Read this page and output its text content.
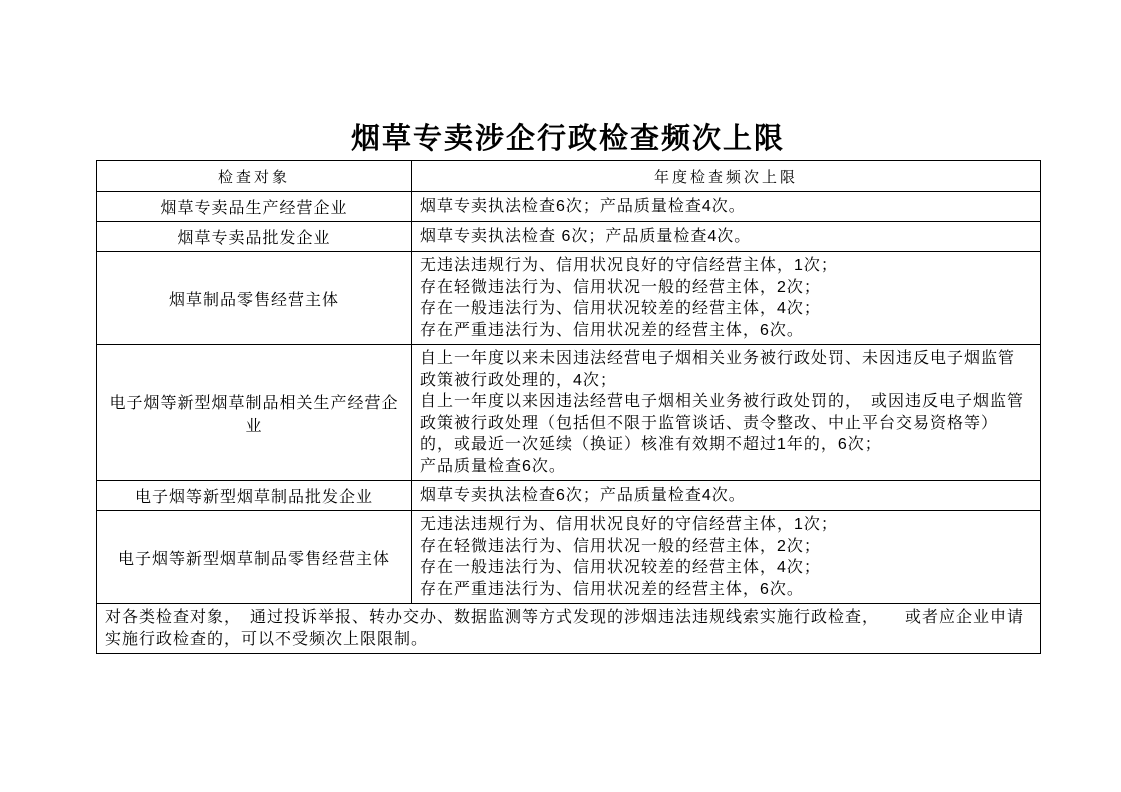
烟草专卖涉企行政检查频次上限
检查对象	年度检查频次上限
烟草专卖品生产经营企业	烟草专卖执法检查6次；产品质量检查4次。

烟草专卖品批发企业	烟草专卖执法检查 6次；产品质量检查4次。

烟草制品零售经营主体	无违法违规行为、信用状况良好的守信经营主体，1次；
存在轻微违法行为、信用状况一般的经营主体，2次；
存在一般违法行为、信用状况较差的经营主体，4次；
存在严重违法行为、信用状况差的经营主体，6次。

电子烟等新型烟草制品相关生产经营企业	自上一年度以来未因违法经营电子烟相关业务被行政处罚、未因违反电子烟监管政策被行政处理的，4次；
自上一年度以来因违法经营电子烟相关业务被行政处罚的，　或因违反电子烟监管政策被行政处理（包括但不限于监管谈话、责令整改、中止平台交易资格等）的，或最近一次延续（换证）核准有效期不超过1年的，6次；
产品质量检查6次。

电子烟等新型烟草制品批发企业	烟草专卖执法检查6次；产品质量检查4次。

电子烟等新型烟草制品零售经营主体	无违法违规行为、信用状况良好的守信经营主体，1次；
存在轻微违法行为、信用状况一般的经营主体，2次；
存在一般违法行为、信用状况较差的经营主体，4次；
存在严重违法行为、信用状况差的经营主体，6次。

对各类检查对象，　通过投诉举报、转办交办、数据监测等方式发现的涉烟违法违规线索实施行政检查，　　或者应企业申请实施行政检查的，可以不受频次上限限制。	
